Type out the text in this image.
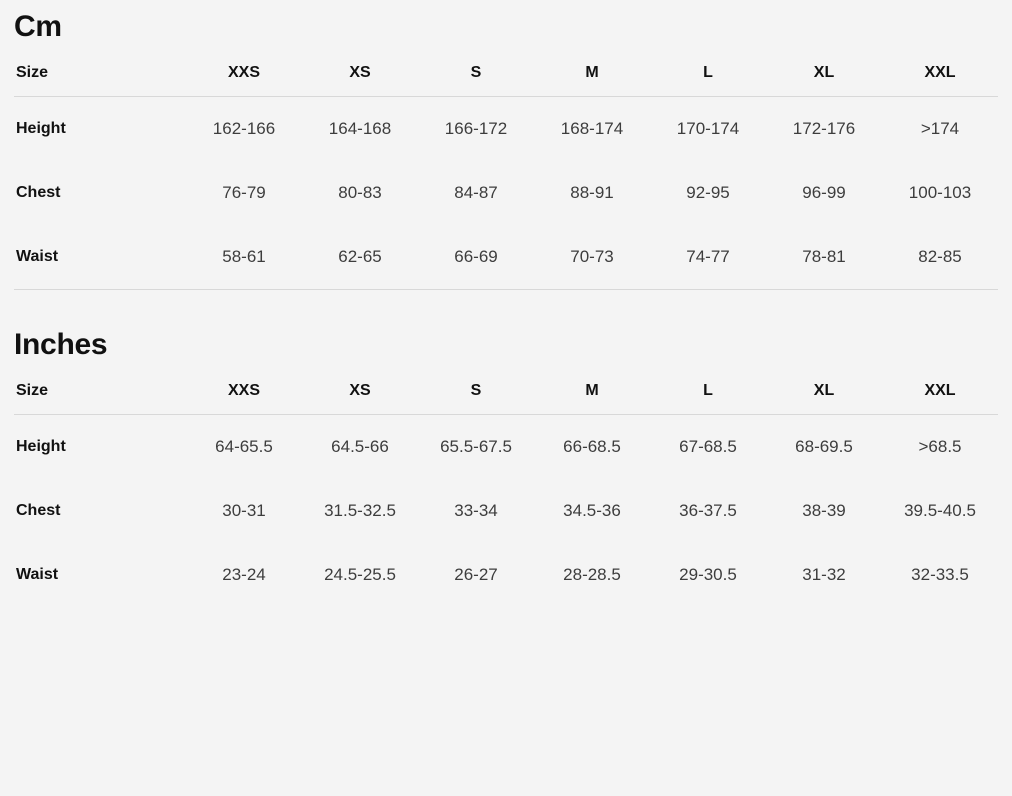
Cm
Size	XXS	XS	S	M	L	XL	XXL
Height	162-166	164-168	166-172	168-174	170-174	172-176	>174
Chest	76-79	80-83	84-87	88-91	92-95	96-99	100-103
Waist	58-61	62-65	66-69	70-73	74-77	78-81	82-85
Inches
Size	XXS	XS	S	M	L	XL	XXL
Height	64-65.5	64.5-66	65.5-67.5	66-68.5	67-68.5	68-69.5	>68.5
Chest	30-31	31.5-32.5	33-34	34.5-36	36-37.5	38-39	39.5-40.5
Waist	23-24	24.5-25.5	26-27	28-28.5	29-30.5	31-32	32-33.5
